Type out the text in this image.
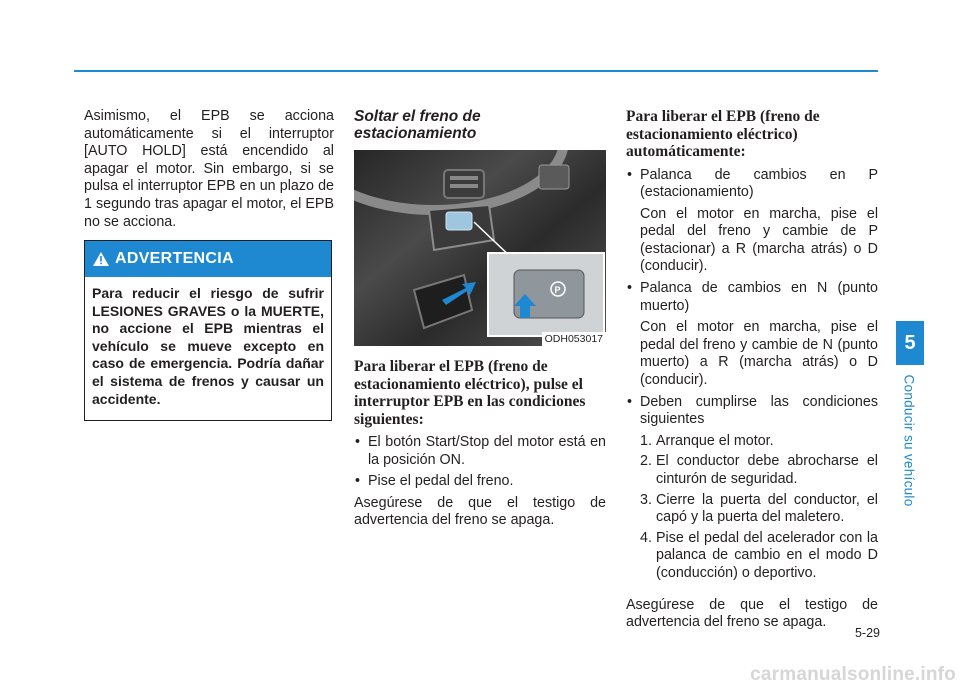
Asimismo, el EPB se acciona automáticamente si el interruptor [AUTO HOLD] está encendido al apagar el motor. Sin embargo, si se pulsa el interruptor EPB en un plazo de 1 segundo tras apagar el motor, el EPB no se acciona.

ADVERTENCIA
Para reducir el riesgo de sufrir LESIONES GRAVES o la MUERTE, no accione el EPB mientras el vehículo se mueve excepto en caso de emergencia. Podría dañar el sistema de frenos y causar un accidente.
Soltar el freno de estacionamiento
P
ODH053017
Para liberar el EPB (freno de estacionamiento eléctrico), pulse el interruptor EPB en las condiciones siguientes:
• El botón Start/Stop del motor está en la posición ON.
• Pise el pedal del freno.

Asegúrese de que el testigo de advertencia del freno se apaga.

Para liberar el EPB (freno de estacionamiento eléctrico) automáticamente:
• Palanca de cambios en P (estacionamiento)
Con el motor en marcha, pise el pedal del freno y cambie de P (estacionar) a R (marcha atrás) o D (conducir).
• Palanca de cambios en N (punto muerto)
Con el motor en marcha, pise el pedal del freno y cambie de N (punto muerto) a R (marcha atrás) o D (conducir).
• Deben cumplirse las condiciones siguientes
1. Arranque el motor.
2. El conductor debe abrocharse el cinturón de seguridad.
3. Cierre la puerta del conductor, el capó y la puerta del maletero.
4. Pise el pedal del acelerador con la palanca de cambio en el modo D (conducción) o deportivo.

Asegúrese de que el testigo de advertencia del freno se apaga.

5
Conducir su vehículo
5-29
carmanualsonline.info
